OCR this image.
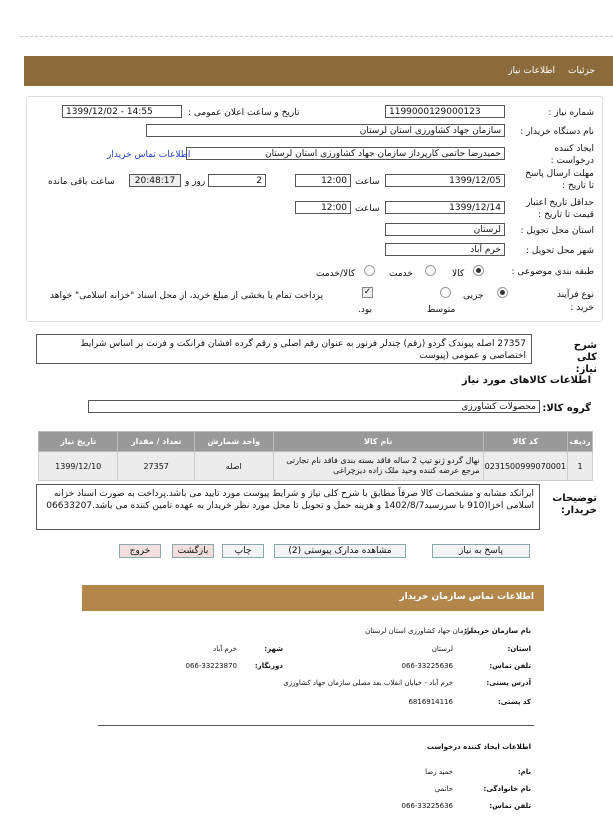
جزئیات
اطلاعات نیاز
شماره نیاز :
1199000129000123
تاریخ و ساعت اعلان عمومی :
1399/12/02 - 14:55
نام دستگاه خریدار :
سازمان جهاد کشاورزی استان لرستان
ایجاد کننده درخواست :
حمیدرضا حاتمی کارپرداز سازمان جهاد کشاورزی استان لرستان
اطلاعات تماس خریدار
مهلت ارسال پاسخ تا تاریخ :
1399/12/05
ساعت
12:00
2
روز و
20:48:17
ساعت باقی مانده
حداقل تاریخ اعتبار قیمت تا تاریخ :
1399/12/14
ساعت
12:00
استان محل تحویل :
لرستان
شهر محل تحویل :
خرم آباد
طبقه بندی موضوعی :
کالا
خدمت
کالا/خدمت
نوع فرآیند خرید :
جزیی
متوسط
✓
پرداخت تمام یا بخشی از مبلغ خرید، از محل اسناد "خزانه اسلامی" خواهد
بود.
شرح کلی نیاز:
27357 اصله پیوندک گردو (رقم) چندلر فرنور به عنوان رقم اصلی و رقم گرده افشان فرانکت و فرنت بر اساس شرایط اختصاصی و عمومی (پیوست
اطلاعات کالاهای مورد نیاز
گروه کالا:
محصولات کشاورزی
ردیف	کد کالا	نام کالا	واحد شمارش	تعداد / مقدار	تاریخ نیاز
1	0231500999070001	نهال گردو ژنو تیپ 2 ساله فاقد بسته بندی فاقد نام تجارتی مرجع عرضه کننده وحید ملک زاده دیزچراغی	اصله	27357	1399/12/10
توضیحات خریدار:
ایرانکد مشابه و مشخصات کالا صرفاً مطابق با شرح کلی نیاز و شرایط پیوست مورد تایید می باشد.پرداخت به صورت اسناد خزانه اسلامی اخزا(910 با سررسید1402/8/7 و هزینه حمل و تحویل تا محل مورد نظر خریدار به عهده تامین کننده می باشد.06633207
پاسخ به نیاز
مشاهده مدارک پیوستی (2)
چاپ
بازگشت
خروج
اطلاعات تماس سازمان خریدار
نام سازمان خریدار:
سازمان جهاد کشاورزی استان لرستان
استان:
لرستان
شهر:
خرم آباد
تلفن تماس:
066-33225636
دورنگار:
066-33223870
آدرس پستی:
خرم آباد - خیابان انقلاب بعد مصلی سازمان جهاد کشاورزی
کد پستی:
6816914116
اطلاعات ایجاد کننده درخواست
نام:
حمید رضا
نام خانوادگی:
حاتمی
تلفن تماس:
066-33225636
